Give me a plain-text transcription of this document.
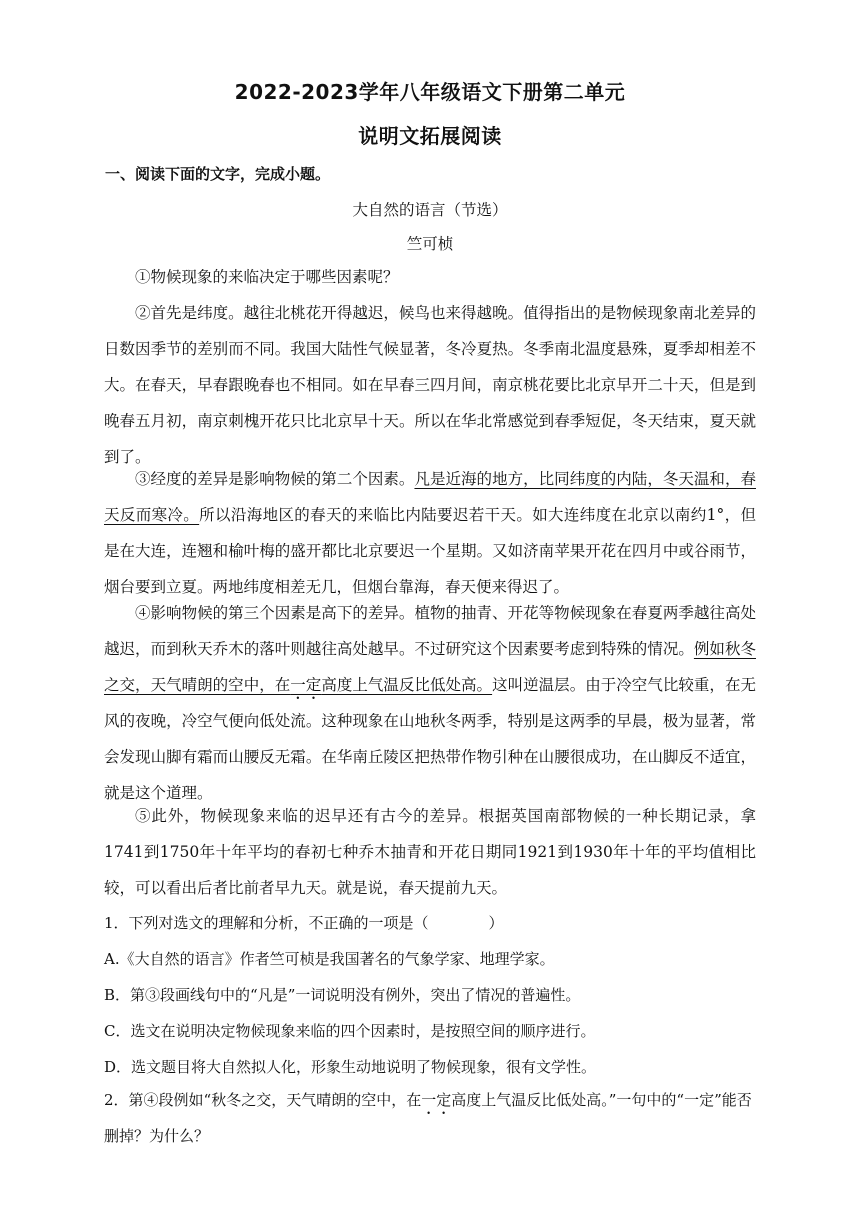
2022-2023学年八年级语文下册第二单元
说明文拓展阅读
一、阅读下面的文字，完成小题。
大自然的语言（节选）
竺可桢
①物候现象的来临决定于哪些因素呢？
②首先是纬度。越往北桃花开得越迟，候鸟也来得越晚。值得指出的是物候现象南北差异的日数因季节的差别而不同。我国大陆性气候显著，冬冷夏热。冬季南北温度悬殊，夏季却相差不大。在春天，早春跟晚春也不相同。如在早春三四月间，南京桃花要比北京早开二十天，但是到晚春五月初，南京刺槐开花只比北京早十天。所以在华北常感觉到春季短促，冬天结束，夏天就到了。
③经度的差异是影响物候的第二个因素。凡是近海的地方，比同纬度的内陆，冬天温和，春天反而寒冷。所以沿海地区的春天的来临比内陆要迟若干天。如大连纬度在北京以南约1°，但是在大连，连翘和榆叶梅的盛开都比北京要迟一个星期。又如济南苹果开花在四月中或谷雨节，烟台要到立夏。两地纬度相差无几，但烟台靠海，春天便来得迟了。
④影响物候的第三个因素是高下的差异。植物的抽青、开花等物候现象在春夏两季越往高处越迟，而到秋天乔木的落叶则越往高处越早。不过研究这个因素要考虑到特殊的情况。例如秋冬之交，天气晴朗的空中，在一定高度上气温反比低处高。这叫逆温层。由于冷空气比较重，在无风的夜晚，冷空气便向低处流。这种现象在山地秋冬两季，特别是这两季的早晨，极为显著，常会发现山脚有霜而山腰反无霜。在华南丘陵区把热带作物引种在山腰很成功，在山脚反不适宜， 就是这个道理。
⑤此外，物候现象来临的迟早还有古今的差异。根据英国南部物候的一种长期记录，拿1741到1750年十年平均的春初七种乔木抽青和开花日期同1921到1930年十年的平均值相比较，可以看出后者比前者早九天。就是说，春天提前九天。
1．下列对选文的理解和分析，不正确的一项是（　　　　）
A.《大自然的语言》作者竺可桢是我国著名的气象学家、地理学家。
B．第③段画线句中的“凡是”一词说明没有例外，突出了情况的普遍性。
C．选文在说明决定物候现象来临的四个因素时，是按照空间的顺序进行。
D．选文题目将大自然拟人化，形象生动地说明了物候现象，很有文学性。
2．第④段例如“秋冬之交，天气晴朗的空中，在一定高度上气温反比低处高。”一句中的“一定”能否删掉？为什么？
